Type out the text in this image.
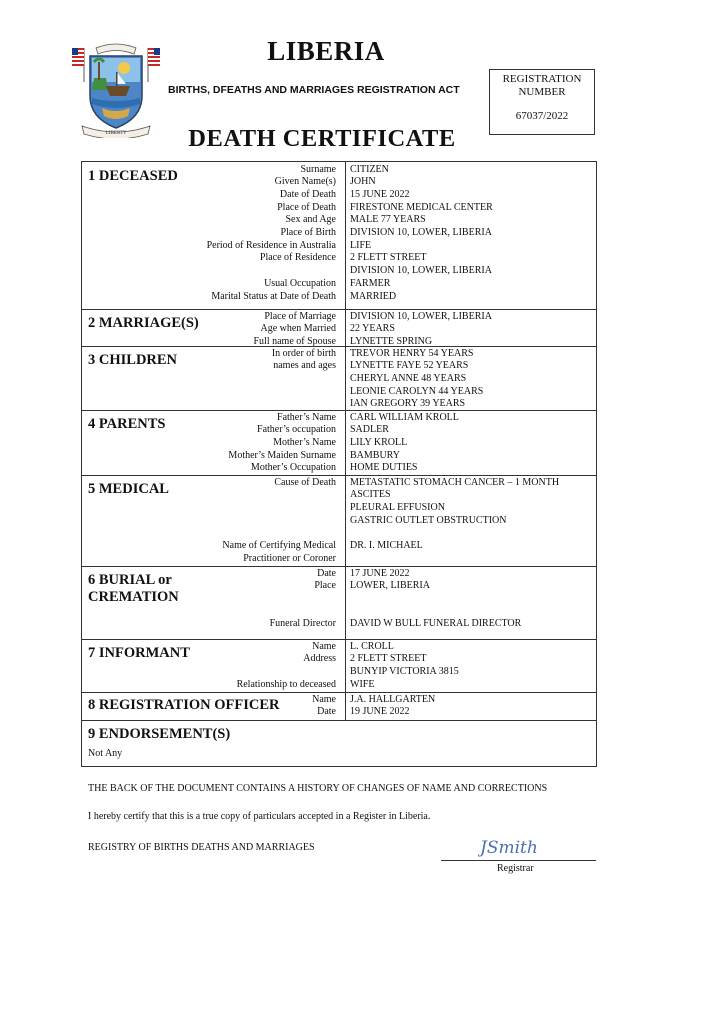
LIBERTY
LIBERIA
BIRTHS, DFEATHS AND MARRIAGES REGISTRATION ACT
REGISTRATION
NUMBER
67037/2022
DEATH CERTIFICATE
1 DECEASED	Surname CITIZEN
Given Name(s) JOHN
Date of Death 15 JUNE 2022
Place of Death FIRESTONE MEDICAL CENTER
Sex and Age MALE 77 YEARS
Place of Birth DIVISION 10, LOWER, LIBERIA
Period of Residence in Australia LIFE
Place of Residence 2 FLETT STREET
DIVISION 10, LOWER, LIBERIA
Usual Occupation FARMER
Marital Status at Date of Death MARRIED
2 MARRIAGE(S)	Place of Marriage DIVISION 10, LOWER, LIBERIA
Age when Married 22 YEARS
Full name of Spouse LYNETTE SPRING
3 CHILDREN	In order of birth
names and ages
TREVOR HENRY 54 YEARS
LYNETTE FAYE 52 YEARS
CHERYL ANNE 48 YEARS
LEONIE CAROLYN 44 YEARS
IAN GREGORY 39 YEARS
4 PARENTS	Father’s Name CARL WILLIAM KROLL
Father’s occupation SADLER
Mother’s Name LILY KROLL
Mother’s Maiden Surname BAMBURY
Mother’s Occupation HOME DUTIES
5 MEDICAL	Cause of Death METASTATIC STOMACH CANCER – 1 MONTH
ASCITES
PLEURAL EFFUSION
GASTRIC OUTLET OBSTRUCTION
Name of Certifying Medical
Practitioner or Coroner
DR. I. MICHAEL
6 BURIAL or
CREMATION
Date 17 JUNE 2022
Place LOWER, LIBERIA
Funeral Director DAVID W BULL FUNERAL DIRECTOR
7 INFORMANT	Name L. CROLL
Address 2 FLETT STREET
BUNYIP VICTORIA 3815
Relationship to deceased WIFE
8 REGISTRATION OFFICER	Name J.A. HALLGARTEN
Date 19 JUNE 2022
9 ENDORSEMENT(S)
Not Any
THE BACK OF THE DOCUMENT CONTAINS A HISTORY OF CHANGES OF NAME AND CORRECTIONS
I hereby certify that this is a true copy of particulars accepted in a Register in Liberia.
REGISTRY OF BIRTHS DEATHS AND MARRIAGES	JSmith
Registrar
